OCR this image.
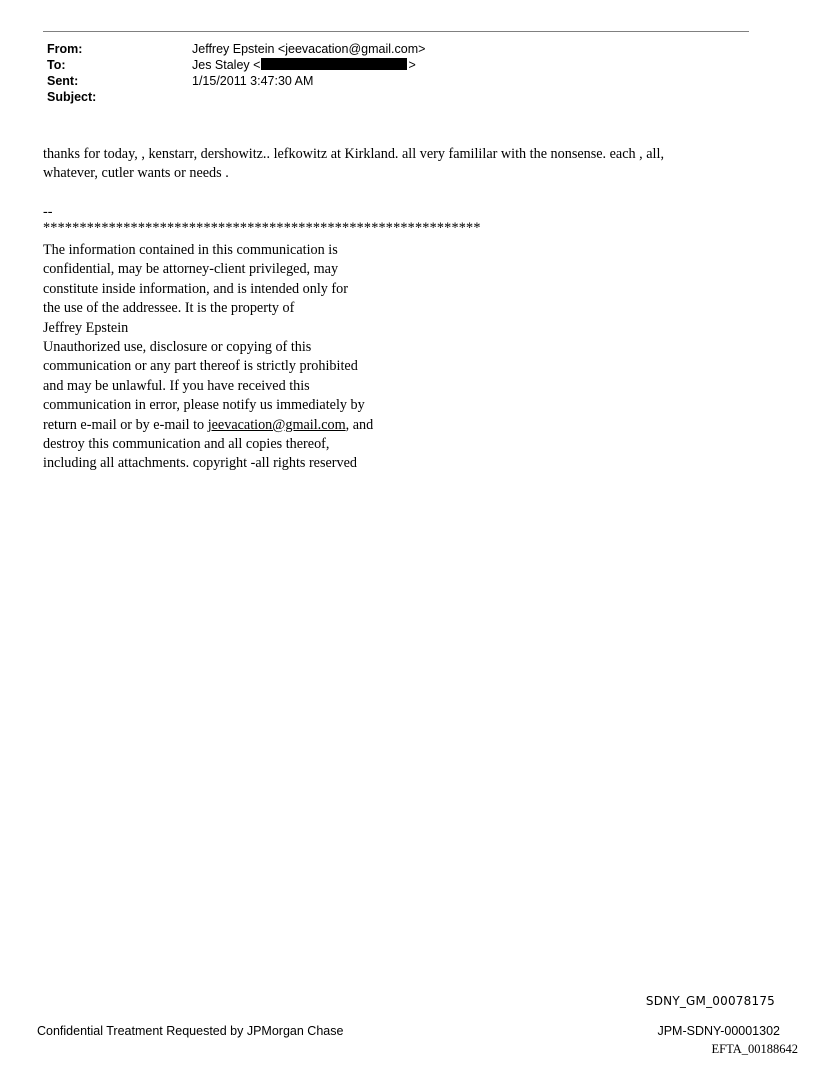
From:	Jeffrey Epstein <jeevacation@gmail.com>
To:	Jes Staley <	>
Sent:	1/15/2011 3:47:30 AM
Subject:
thanks for today, , kenstarr, dershowitz.. lefkowitz at Kirkland. all very famililar with the nonsense. each , all,
whatever, cutler wants or needs .
--
************************************************************
The information contained in this communication is
confidential, may be attorney-client privileged, may
constitute inside information, and is intended only for
the use of the addressee. It is the property of
Jeffrey Epstein
Unauthorized use, disclosure or copying of this
communication or any part thereof is strictly prohibited
and may be unlawful. If you have received this
communication in error, please notify us immediately by
return e-mail or by e-mail to jeevacation@gmail.com, and
destroy this communication and all copies thereof,
including all attachments. copyright -all rights reserved
SDNY_GM_00078175
Confidential Treatment Requested by JPMorgan Chase	JPM-SDNY-00001302
EFTA_00188642
